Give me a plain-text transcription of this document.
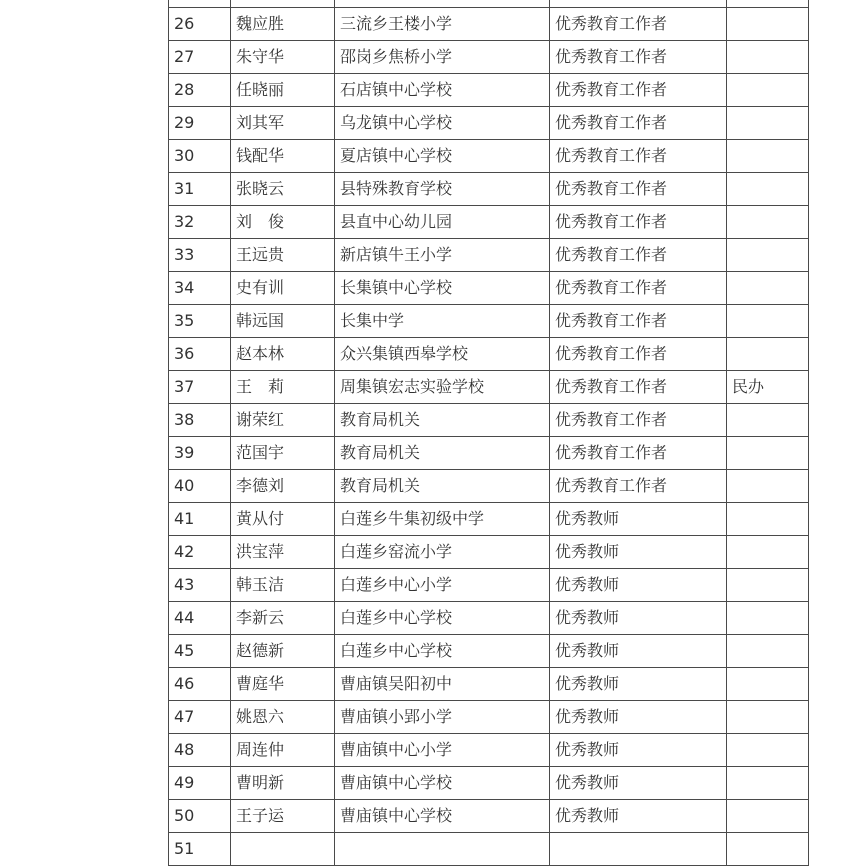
26	魏应胜	三流乡王楼小学	优秀教育工作者	
27	朱守华	邵岗乡焦桥小学	优秀教育工作者	
28	任晓丽	石店镇中心学校	优秀教育工作者	
29	刘其军	乌龙镇中心学校	优秀教育工作者	
30	钱配华	夏店镇中心学校	优秀教育工作者	
31	张晓云	县特殊教育学校	优秀教育工作者	
32	刘　俊	县直中心幼儿园	优秀教育工作者	
33	王远贵	新店镇牛王小学	优秀教育工作者	
34	史有训	长集镇中心学校	优秀教育工作者	
35	韩远国	长集中学	优秀教育工作者	
36	赵本林	众兴集镇西皋学校	优秀教育工作者	
37	王　莉	周集镇宏志实验学校	优秀教育工作者	民办
38	谢荣红	教育局机关	优秀教育工作者	
39	范国宇	教育局机关	优秀教育工作者	
40	李德刘	教育局机关	优秀教育工作者	
41	黄从付	白莲乡牛集初级中学	优秀教师	
42	洪宝萍	白莲乡窑流小学	优秀教师	
43	韩玉洁	白莲乡中心小学	优秀教师	
44	李新云	白莲乡中心学校	优秀教师	
45	赵德新	白莲乡中心学校	优秀教师	
46	曹庭华	曹庙镇吴阳初中	优秀教师	
47	姚恩六	曹庙镇小郢小学	优秀教师	
48	周连仲	曹庙镇中心小学	优秀教师	
49	曹明新	曹庙镇中心学校	优秀教师	
50	王子运	曹庙镇中心学校	优秀教师	
51				
